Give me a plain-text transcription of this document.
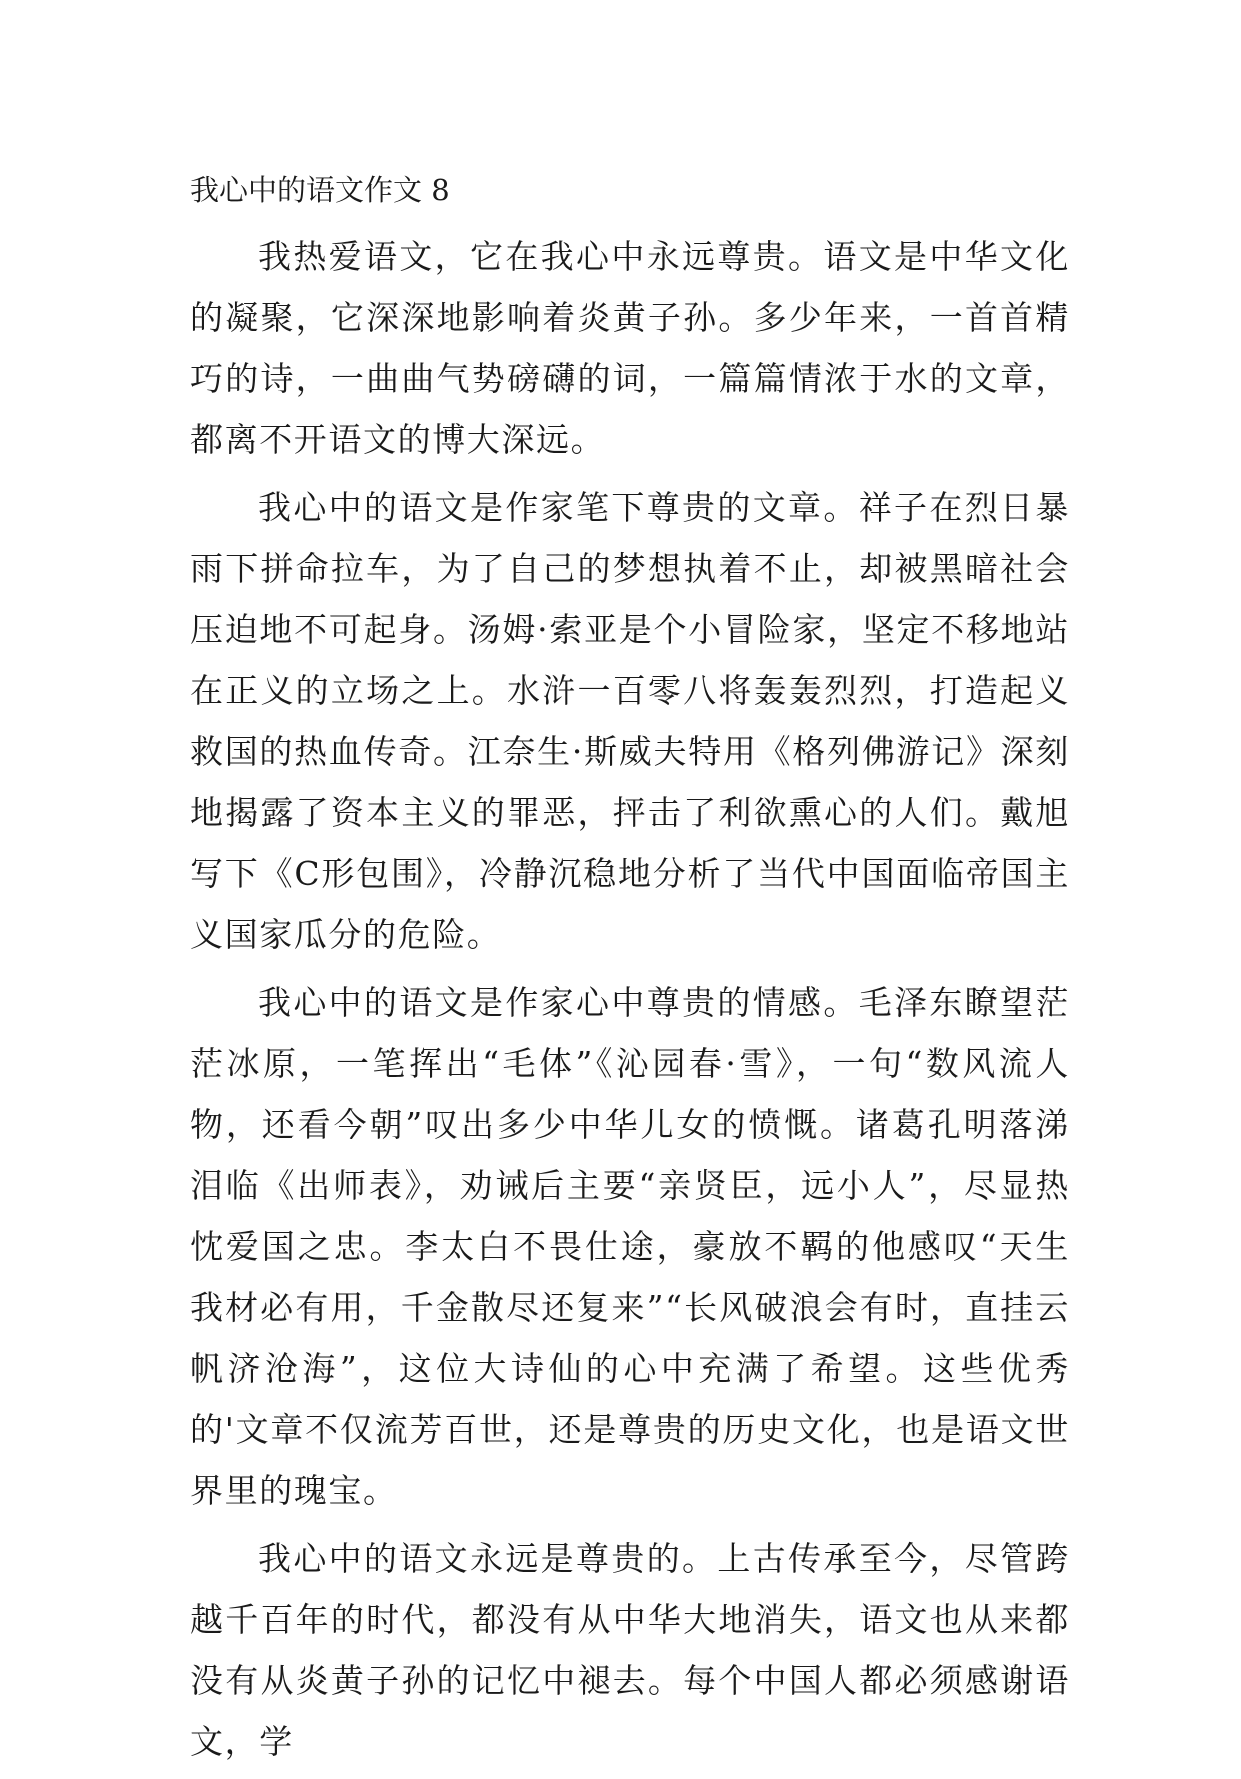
我心中的语文作文 8

我热爱语文，它在我心中永远尊贵。语文是中华文化的凝聚，它深深地影响着炎黄子孙。多少年来，一首首精巧的诗，一曲曲气势磅礴的词，一篇篇情浓于水的文章，都离不开语文的博大深远。

我心中的语文是作家笔下尊贵的文章。祥子在烈日暴雨下拼命拉车，为了自己的梦想执着不止，却被黑暗社会压迫地不可起身。汤姆·索亚是个小冒险家，坚定不移地站在正义的立场之上。水浒一百零八将轰轰烈烈，打造起义救国的热血传奇。江奈生·斯威夫特用《格列佛游记》深刻地揭露了资本主义的罪恶，抨击了利欲熏心的人们。戴旭写下《C形包围》，冷静沉稳地分析了当代中国面临帝国主义国家瓜分的危险。

我心中的语文是作家心中尊贵的情感。毛泽东瞭望茫茫冰原，一笔挥出“毛体”《沁园春·雪》，一句“数风流人物，还看今朝”叹出多少中华儿女的愤慨。诸葛孔明落涕泪临《出师表》，劝诫后主要“亲贤臣，远小人”，尽显热忱爱国之忠。李太白不畏仕途，豪放不羁的他感叹“天生我材必有用，千金散尽还复来”“长风破浪会有时，直挂云帆济沧海”，这位大诗仙的心中充满了希望。这些优秀的'文章不仅流芳百世，还是尊贵的历史文化，也是语文世界里的瑰宝。

我心中的语文永远是尊贵的。上古传承至今，尽管跨越千百年的时代，都没有从中华大地消失，语文也从来都没有从炎黄子孙的记忆中褪去。每个中国人都必须感谢语文，学
